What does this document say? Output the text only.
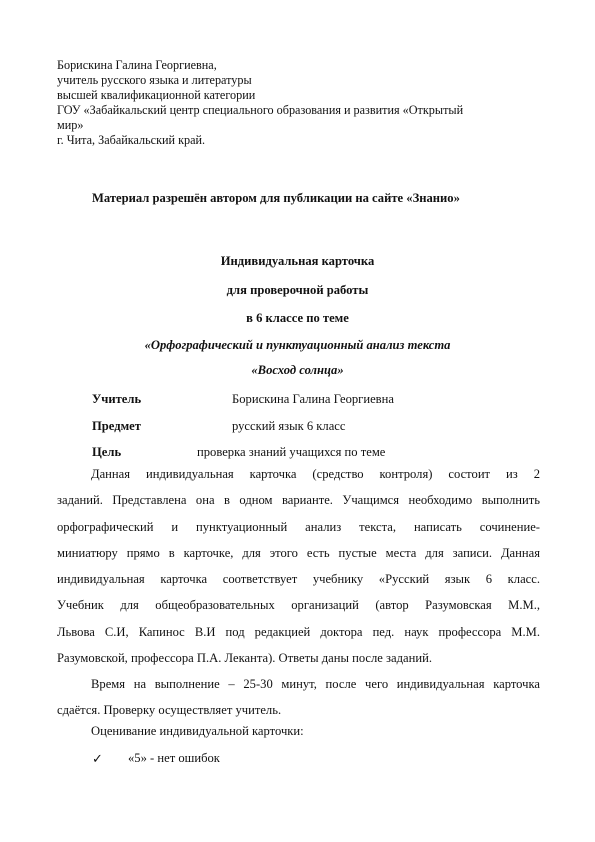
Борискина Галина Георгиевна,
учитель русского языка и литературы
высшей квалификационной категории
ГОУ «Забайкальский центр специального образования и развития «Открытый
мир»
г. Чита, Забайкальский край.
Материал разрешён автором для публикации на сайте «Знанио»
Индивидуальная карточка
для проверочной работы
в 6 классе по теме
«Орфографический и пунктуационный анализ текста
«Восход солнца»
Учитель	Борискина Галина Георгиевна
Предмет	русский язык 6 класс
Цель	проверка знаний учащихся по теме
Данная индивидуальная карточка (средство контроля) состоит из 2
заданий. Представлена она в одном варианте. Учащимся необходимо выполнить
орфографический и пунктуационный анализ текста, написать сочинение-
миниатюру прямо в карточке, для этого есть пустые места для записи. Данная
индивидуальная карточка соответствует учебнику «Русский язык 6 класс.
Учебник для общеобразовательных организаций (автор Разумовская М.М.,
Львова С.И, Капинос В.И под редакцией доктора пед. наук профессора М.М.
Разумовской, профессора П.А. Леканта). Ответы даны после заданий.
Время на выполнение – 25-30 минут, после чего индивидуальная карточка
сдаётся. Проверку осуществляет учитель.
Оценивание индивидуальной карточки:
✓ «5» - нет ошибок
